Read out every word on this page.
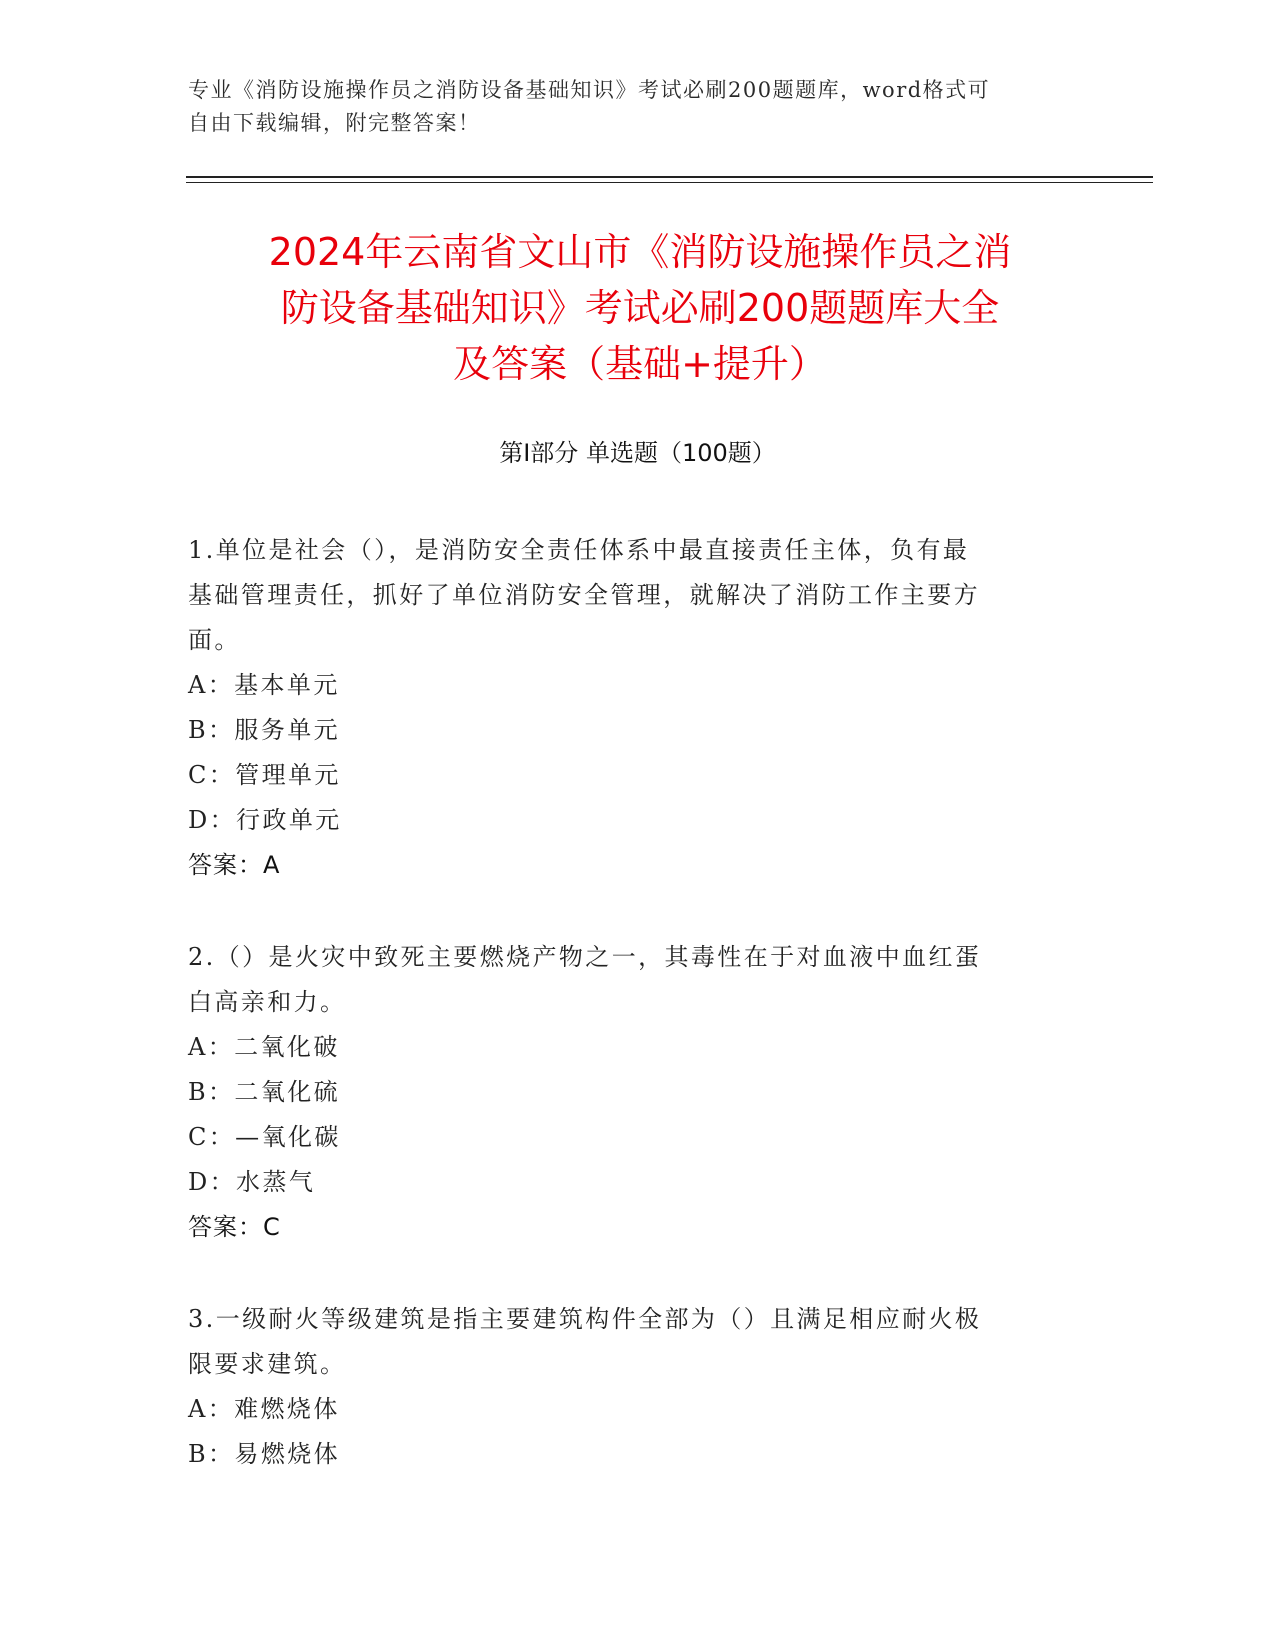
专业《消防设施操作员之消防设备基础知识》考试必刷200题题库，word格式可
自由下载编辑，附完整答案！
2024年云南省文山市《消防设施操作员之消
防设备基础知识》考试必刷200题题库大全
及答案（基础+提升）
第Ⅰ部分 单选题（100题）
1.单位是社会（），是消防安全责任体系中最直接责任主体，负有最
基础管理责任，抓好了单位消防安全管理，就解决了消防工作主要方
面。
A：基本单元
B：服务单元
C：管理单元
D：行政单元
答案：A
2.（）是火灾中致死主要燃烧产物之一，其毒性在于对血液中血红蛋
白高亲和力。
A：二氧化破
B：二氧化硫
C：—氧化碳
D：水蒸气
答案：C
3.一级耐火等级建筑是指主要建筑构件全部为（）且满足相应耐火极
限要求建筑。
A：难燃烧体
B：易燃烧体
